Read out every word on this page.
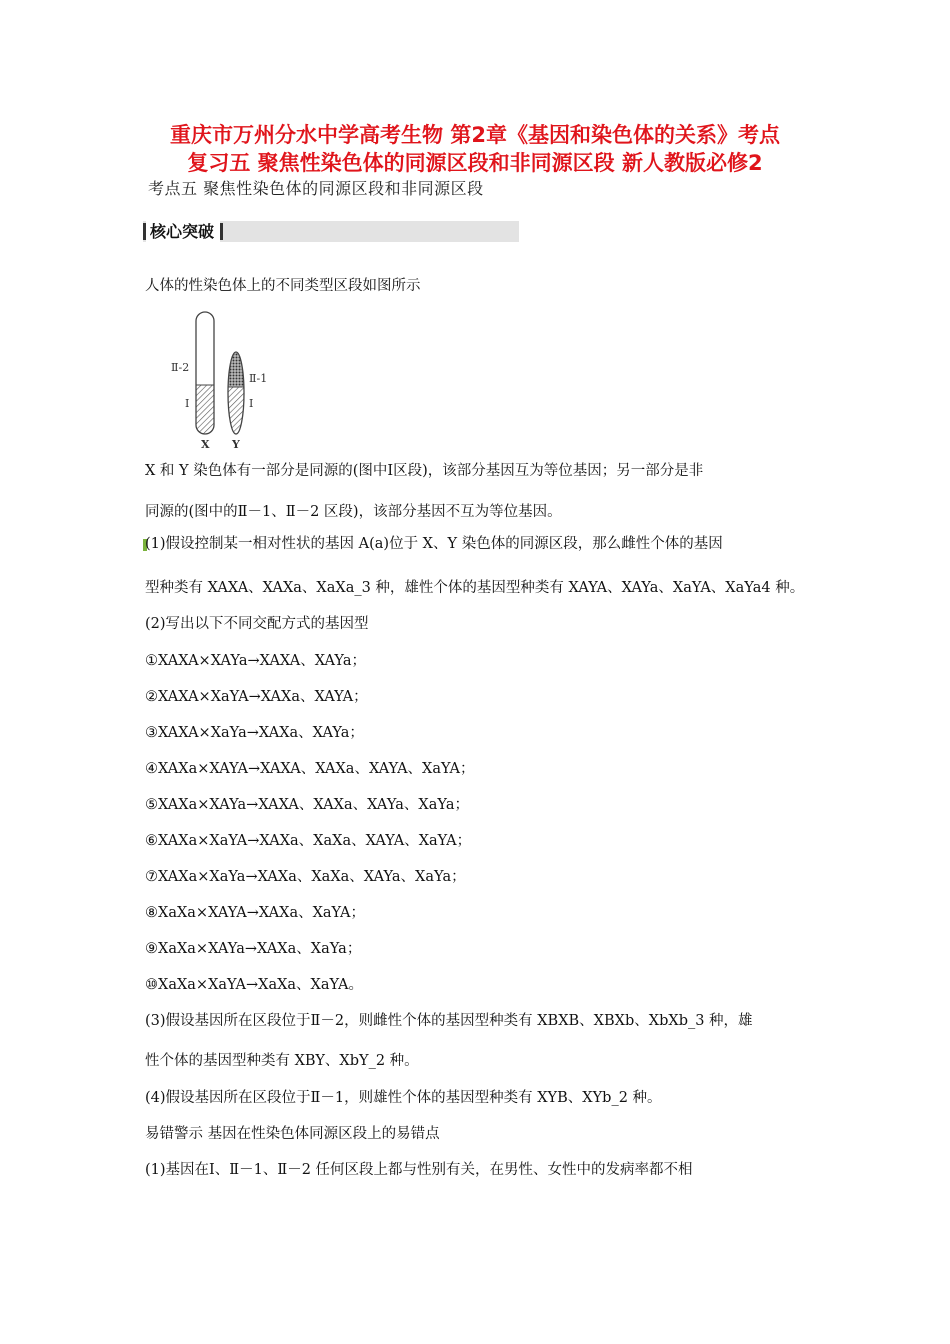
重庆市万州分水中学高考生物 第2章《基因和染色体的关系》考点
复习五 聚焦性染色体的同源区段和非同源区段 新人教版必修2
考点五 聚焦性染色体的同源区段和非同源区段
核心突破
人体的性染色体上的不同类型区段如图所示
Ⅱ-2
Ⅰ
Ⅱ-1
Ⅰ
X Y
X 和 Y 染色体有一部分是同源的(图中Ⅰ区段)，该部分基因互为等位基因；另一部分是非
同源的(图中的Ⅱ－1、Ⅱ－2 区段)，该部分基因不互为等位基因。
(1)假设控制某一相对性状的基因 A(a)位于 X、Y 染色体的同源区段，那么雌性个体的基因
型种类有 XAXA、XAXa、XaXa_3 种，雄性个体的基因型种类有 XAYA、XAYa、XaYA、XaYa4 种。
(2)写出以下不同交配方式的基因型
①XAXA×XAYa→XAXA、XAYa；
②XAXA×XaYA→XAXa、XAYA；
③XAXA×XaYa→XAXa、XAYa；
④XAXa×XAYA→XAXA、XAXa、XAYA、XaYA；
⑤XAXa×XAYa→XAXA、XAXa、XAYa、XaYa；
⑥XAXa×XaYA→XAXa、XaXa、XAYA、XaYA；
⑦XAXa×XaYa→XAXa、XaXa、XAYa、XaYa；
⑧XaXa×XAYA→XAXa、XaYA；
⑨XaXa×XAYa→XAXa、XaYa；
⑩XaXa×XaYA→XaXa、XaYA。
(3)假设基因所在区段位于Ⅱ－2，则雌性个体的基因型种类有 XBXB、XBXb、XbXb_3 种，雄
性个体的基因型种类有 XBY、XbY_2 种。
(4)假设基因所在区段位于Ⅱ－1，则雄性个体的基因型种类有 XYB、XYb_2 种。
易错警示 基因在性染色体同源区段上的易错点
(1)基因在Ⅰ、Ⅱ－1、Ⅱ－2 任何区段上都与性别有关，在男性、女性中的发病率都不相
